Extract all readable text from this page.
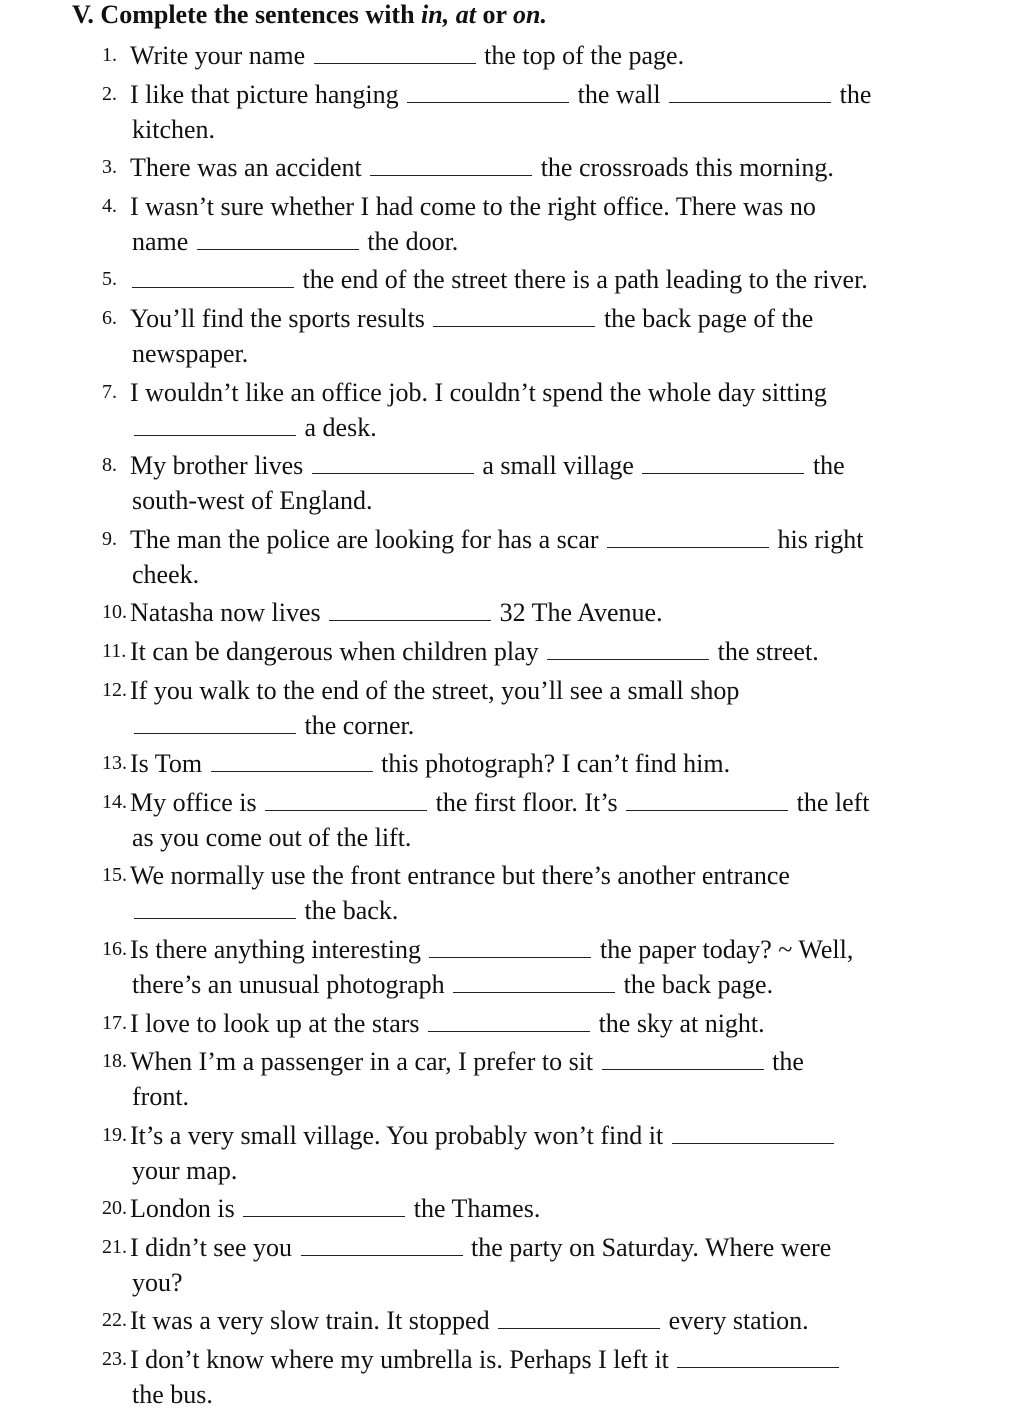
V. Complete the sentences with in, at or on.
1. Write your name	the top of the page.
2. I like that picture hanging	the wall	the
kitchen.
3. There was an accident	the crossroads this morning.
4. I wasn’t sure whether I had come to the right office. There was no
name	the door.
5.	the end of the street there is a path leading to the river.
6. You’ll find the sports results	the back page of the
newspaper.
7. I wouldn’t like an office job. I couldn’t spend the whole day sitting
a desk.
8. My brother lives	a small village	the
south-west of England.
9. The man the police are looking for has a scar	his right
cheek.
10. Natasha now lives	32 The Avenue.
11. It can be dangerous when children play	the street.
12. If you walk to the end of the street, you’ll see a small shop
the corner.
13. Is Tom	this photograph? I can’t find him.
14. My office is	the first floor. It’s	the left
as you come out of the lift.
15. We normally use the front entrance but there’s another entrance
the back.
16. Is there anything interesting	the paper today? ~ Well,
there’s an unusual photograph	the back page.
17. I love to look up at the stars	the sky at night.
18. When I’m a passenger in a car, I prefer to sit	the
front.
19. It’s a very small village. You probably won’t find it
your map.
20. London is	the Thames.
21. I didn’t see you	the party on Saturday. Where were
you?
22. It was a very slow train. It stopped	every station.
23. I don’t know where my umbrella is. Perhaps I left it
the bus.
